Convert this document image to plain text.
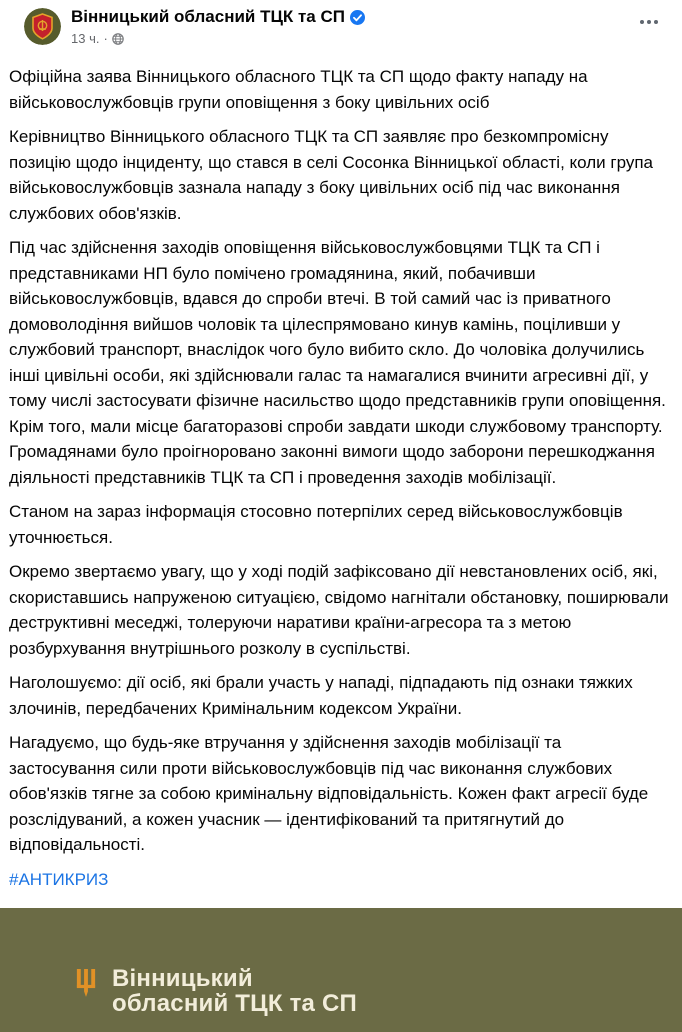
Вінницький обласний ТЦК та СП
13 ч. ·

Офіційна заява Вінницького обласного ТЦК та СП щодо факту нападу на військовослужбовців групи оповіщення з боку цивільних осіб

Керівництво Вінницького обласного ТЦК та СП заявляє про безкомпромісну позицію щодо інциденту, що стався в селі Сосонка Вінницької області, коли група військовослужбовців зазнала нападу з боку цивільних осіб під час виконання службових обов'язків.

Під час здійснення заходів оповіщення військовослужбовцями ТЦК та СП і представниками НП було помічено громадянина, який, побачивши військовослужбовців, вдався до спроби втечі. В той самий час із приватного домоволодіння вийшов чоловік та цілеспрямовано кинув камінь, поціливши у службовий транспорт, внаслідок чого було вибито скло. До чоловіка долучились інші цивільні особи, які здійснювали галас та намагалися вчинити агресивні дії, у тому числі застосувати фізичне насильство щодо представників групи оповіщення. Крім того, мали місце багаторазові спроби завдати шкоди службовому транспорту. Громадянами було проігноровано законні вимоги щодо заборони перешкоджання діяльності представників ТЦК та СП і проведення заходів мобілізації.

Станом на зараз інформація стосовно потерпілих серед військовослужбовців уточнюється.

Окремо звертаємо увагу, що у ході подій зафіксовано дії невстановлених осіб, які, скориставшись напруженою ситуацією, свідомо нагнітали обстановку, поширювали деструктивні меседжі, толеруючи наративи країни-агресора та з метою розбурхування внутрішнього розколу в суспільстві.

Наголошуємо: дії осіб, які брали участь у нападі, підпадають під ознаки тяжких злочинів, передбачених Кримінальним кодексом України.

Нагадуємо, що будь-яке втручання у здійснення заходів мобілізації та застосування сили проти військовослужбовців під час виконання службових обов'язків тягне за собою кримінальну відповідальність. Кожен факт агресії буде розслідуваний, а кожен учасник — ідентифікований та притягнутий до відповідальності.

#АНТИКРИЗ
Вінницький
обласний ТЦК та СП
